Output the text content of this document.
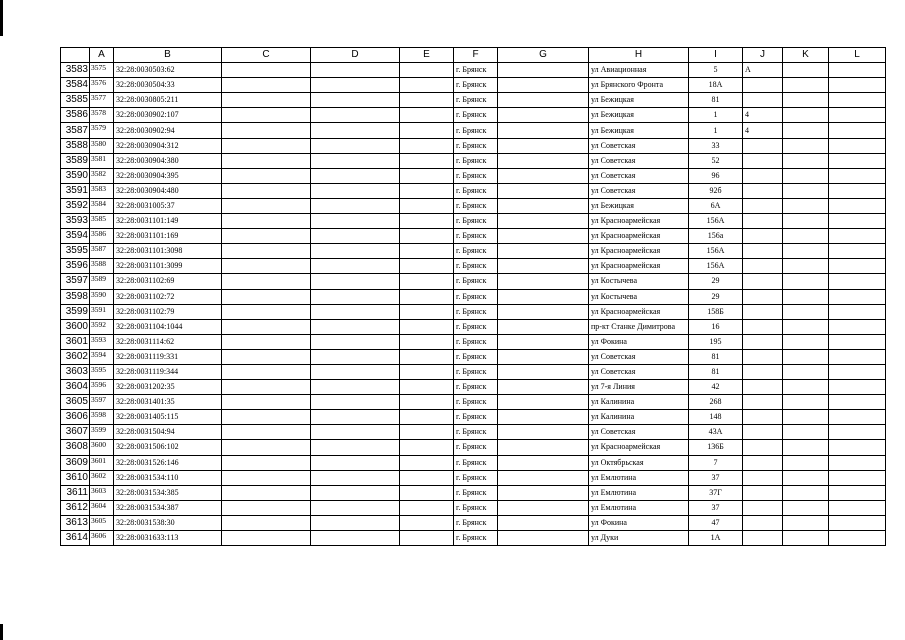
	A	B	C	D	E	F	G	H	I	J	K	L
3583	3575	32:28:0030503:62				г. Брянск		ул Авиационная	5	А		
3584	3576	32:28:0030504:33				г. Брянск		ул Брянского Фронта	18А			
3585	3577	32:28:0030805:211				г. Брянск		ул Бежицкая	81			
3586	3578	32:28:0030902:107				г. Брянск		ул Бежицкая	1	4		
3587	3579	32:28:0030902:94				г. Брянск		ул Бежицкая	1	4		
3588	3580	32:28:0030904:312				г. Брянск		ул Советская	33			
3589	3581	32:28:0030904:380				г. Брянск		ул Советская	52			
3590	3582	32:28:0030904:395				г. Брянск		ул Советская	96			
3591	3583	32:28:0030904:480				г. Брянск		ул Советская	92б			
3592	3584	32:28:0031005:37				г. Брянск		ул Бежицкая	6А			
3593	3585	32:28:0031101:149				г. Брянск		ул Красноармейская	156А			
3594	3586	32:28:0031101:169				г. Брянск		ул Красноармейская	156а			
3595	3587	32:28:0031101:3098				г. Брянск		ул Красноармейская	156А			
3596	3588	32:28:0031101:3099				г. Брянск		ул Красноармейская	156А			
3597	3589	32:28:0031102:69				г. Брянск		ул Костычева	29			
3598	3590	32:28:0031102:72				г. Брянск		ул Костычева	29			
3599	3591	32:28:0031102:79				г. Брянск		ул Красноармейская	158Б			
3600	3592	32:28:0031104:1044				г. Брянск		пр-кт Станке Димитрова	16			
3601	3593	32:28:0031114:62				г. Брянск		ул Фокина	195			
3602	3594	32:28:0031119:331				г. Брянск		ул Советская	81			
3603	3595	32:28:0031119:344				г. Брянск		ул Советская	81			
3604	3596	32:28:0031202:35				г. Брянск		ул 7-я Линия	42			
3605	3597	32:28:0031401:35				г. Брянск		ул Калинина	268			
3606	3598	32:28:0031405:115				г. Брянск		ул Калинина	148			
3607	3599	32:28:0031504:94				г. Брянск		ул Советская	43А			
3608	3600	32:28:0031506:102				г. Брянск		ул Красноармейская	136Б			
3609	3601	32:28:0031526:146				г. Брянск		ул Октябрьская	7			
3610	3602	32:28:0031534:110				г. Брянск		ул Емлютина	37			
3611	3603	32:28:0031534:385				г. Брянск		ул Емлютина	37Г			
3612	3604	32:28:0031534:387				г. Брянск		ул Емлютина	37			
3613	3605	32:28:0031538:30				г. Брянск		ул Фокина	47			
3614	3606	32:28:0031633:113				г. Брянск		ул Дуки	1А			
